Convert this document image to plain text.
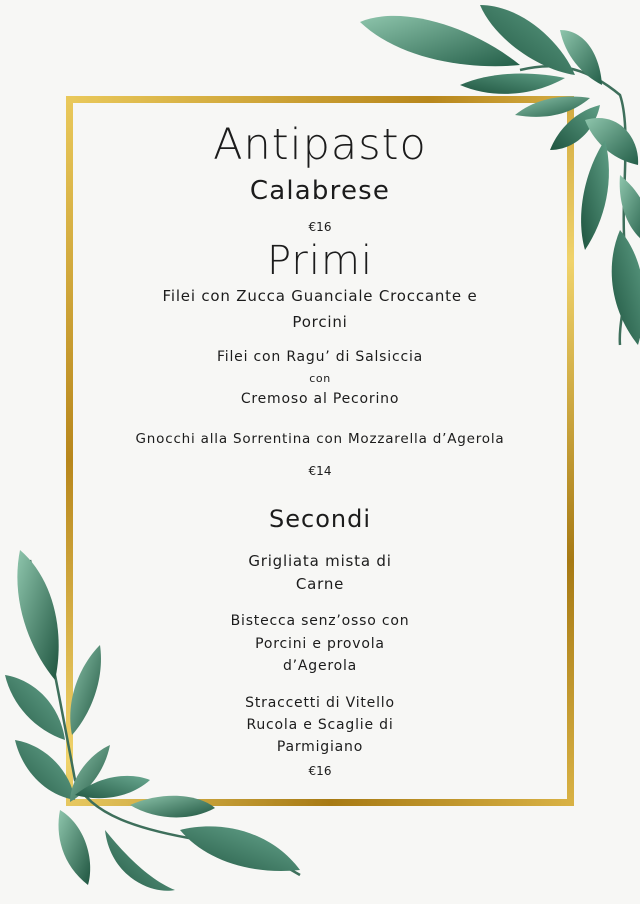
Antipasto
Calabrese
€16
Primi
Filei con Zucca Guanciale Croccante e
Porcini
Filei con Ragu’ di Salsiccia
con
Cremoso al Pecorino
Gnocchi alla Sorrentina con Mozzarella d’Agerola
€14
Secondi
Grigliata mista di
Carne
Bistecca senz’osso con
Porcini e provola
d’Agerola
Straccetti di Vitello
Rucola e Scaglie di
Parmigiano
€16
